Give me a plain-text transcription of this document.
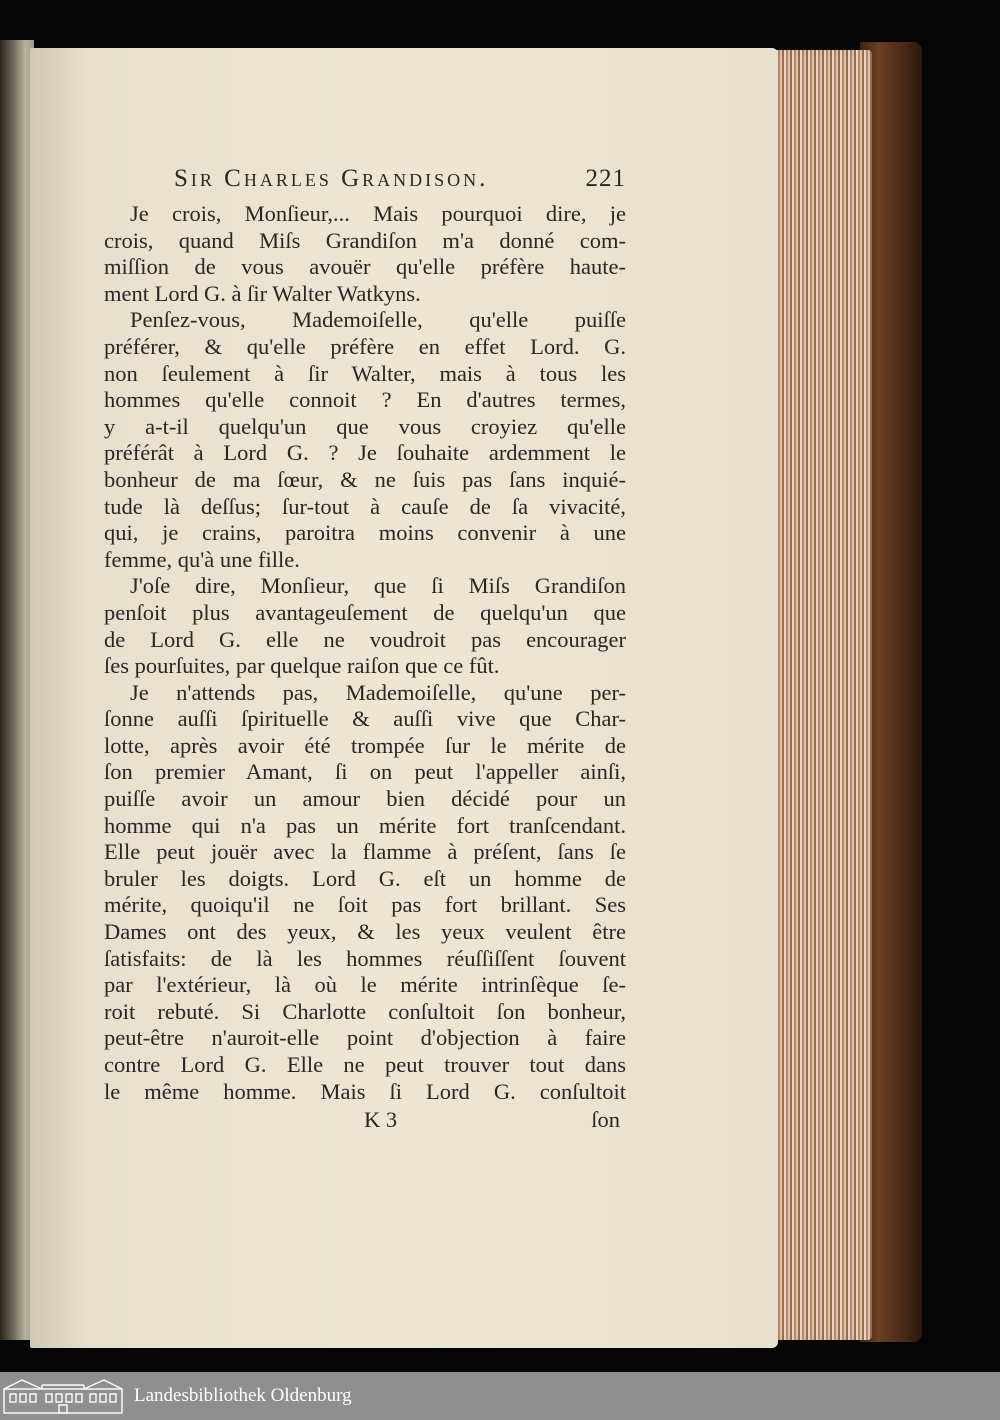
Sir Charles Grandison.	221
Je crois, Monſieur,... Mais pourquoi dire, je
crois, quand Miſs Grandiſon m'a donné com-
miſſion de vous avouër qu'elle préfère haute-
ment Lord G. à ſir Walter Watkyns.
Penſez-vous, Mademoiſelle, qu'elle puiſſe
préférer, & qu'elle préfère en effet Lord. G.
non ſeulement à ſir Walter, mais à tous les
hommes qu'elle connoit ? En d'autres termes,
y a-t-il quelqu'un que vous croyiez qu'elle
préférât à Lord G. ? Je ſouhaite ardemment le
bonheur de ma ſœur, & ne ſuis pas ſans inquié-
tude là deſſus; ſur-tout à cauſe de ſa vivacité,
qui, je crains, paroitra moins convenir à une
femme, qu'à une fille.
J'oſe dire, Monſieur, que ſi Miſs Grandiſon
penſoit plus avantageuſement de quelqu'un que
de Lord G. elle ne voudroit pas encourager
ſes pourſuites, par quelque raiſon que ce fût.
Je n'attends pas, Mademoiſelle, qu'une per-
ſonne auſſi ſpirituelle & auſſi vive que Char-
lotte, après avoir été trompée ſur le mérite de
ſon premier Amant, ſi on peut l'appeller ainſi,
puiſſe avoir un amour bien décidé pour un
homme qui n'a pas un mérite fort tranſcendant.
Elle peut jouër avec la flamme à préſent, ſans ſe
bruler les doigts. Lord G. eſt un homme de
mérite, quoiqu'il ne ſoit pas fort brillant. Ses
Dames ont des yeux, & les yeux veulent être
ſatisfaits: de là les hommes réuſſiſſent ſouvent
par l'extérieur, là où le mérite intrinſèque ſe-
roit rebuté. Si Charlotte conſultoit ſon bonheur,
peut-être n'auroit-elle point d'objection à faire
contre Lord G. Elle ne peut trouver tout dans
le même homme. Mais ſi Lord G. conſultoit
K 3	ſon
Landesbibliothek Oldenburg
